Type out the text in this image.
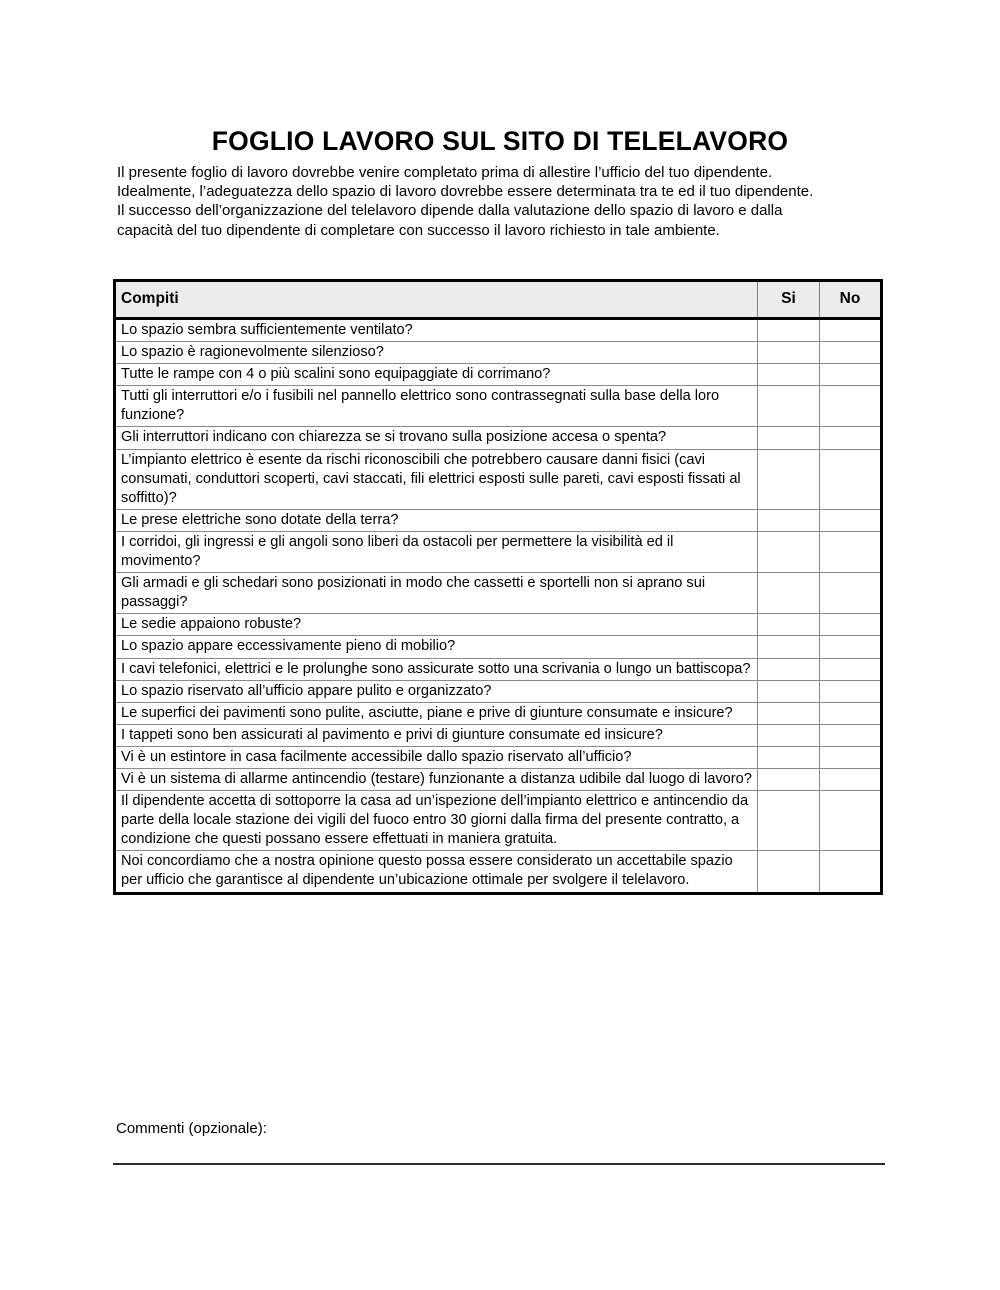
FOGLIO LAVORO SUL SITO DI TELELAVORO
Il presente foglio di lavoro dovrebbe venire completato prima di allestire l’ufficio del tuo dipendente.
Idealmente, l’adeguatezza dello spazio di lavoro dovrebbe essere determinata tra te ed il tuo dipendente.
Il successo dell’organizzazione del telelavoro dipende dalla valutazione dello spazio di lavoro e dalla
capacità del tuo dipendente di completare con successo il lavoro richiesto in tale ambiente.
Compiti	Si	No
Lo spazio sembra sufficientemente ventilato?		
Lo spazio è ragionevolmente silenzioso?		
Tutte le rampe con 4 o più scalini sono equipaggiate di corrimano?		
Tutti gli interruttori e/o i fusibili nel pannello elettrico sono contrassegnati sulla base della loro funzione?		
Gli interruttori indicano con chiarezza se si trovano sulla posizione accesa o spenta?		
L’impianto elettrico è esente da rischi riconoscibili che potrebbero causare danni fisici (cavi consumati, conduttori scoperti, cavi staccati, fili elettrici esposti sulle pareti, cavi esposti fissati al soffitto)?		
Le prese elettriche sono dotate della terra?		
I corridoi, gli ingressi e gli angoli sono liberi da ostacoli per permettere la visibilità ed il movimento?		
Gli armadi e gli schedari sono posizionati in modo che cassetti e sportelli non si aprano sui passaggi?		
Le sedie appaiono robuste?		
Lo spazio appare eccessivamente pieno di mobilio?		
I cavi telefonici, elettrici e le prolunghe sono assicurate sotto una scrivania o lungo un battiscopa?		
Lo spazio riservato all’ufficio appare pulito e organizzato?		
Le superfici dei pavimenti sono pulite, asciutte, piane e prive di giunture consumate e insicure?		
I tappeti sono ben assicurati al pavimento e privi di giunture consumate ed insicure?		
Vi è un estintore in casa facilmente accessibile dallo spazio riservato all’ufficio?		
Vi è un sistema di allarme antincendio (testare) funzionante a distanza udibile dal luogo di lavoro?		
Il dipendente accetta di sottoporre la casa ad un’ispezione dell’impianto elettrico e antincendio da parte della locale stazione dei vigili del fuoco entro 30 giorni dalla firma del presente contratto, a condizione che questi possano essere effettuati in maniera gratuita.		
Noi concordiamo che a nostra opinione questo possa essere considerato un accettabile spazio per ufficio che garantisce al dipendente un’ubicazione ottimale per svolgere il telelavoro.		
Commenti (opzionale):
